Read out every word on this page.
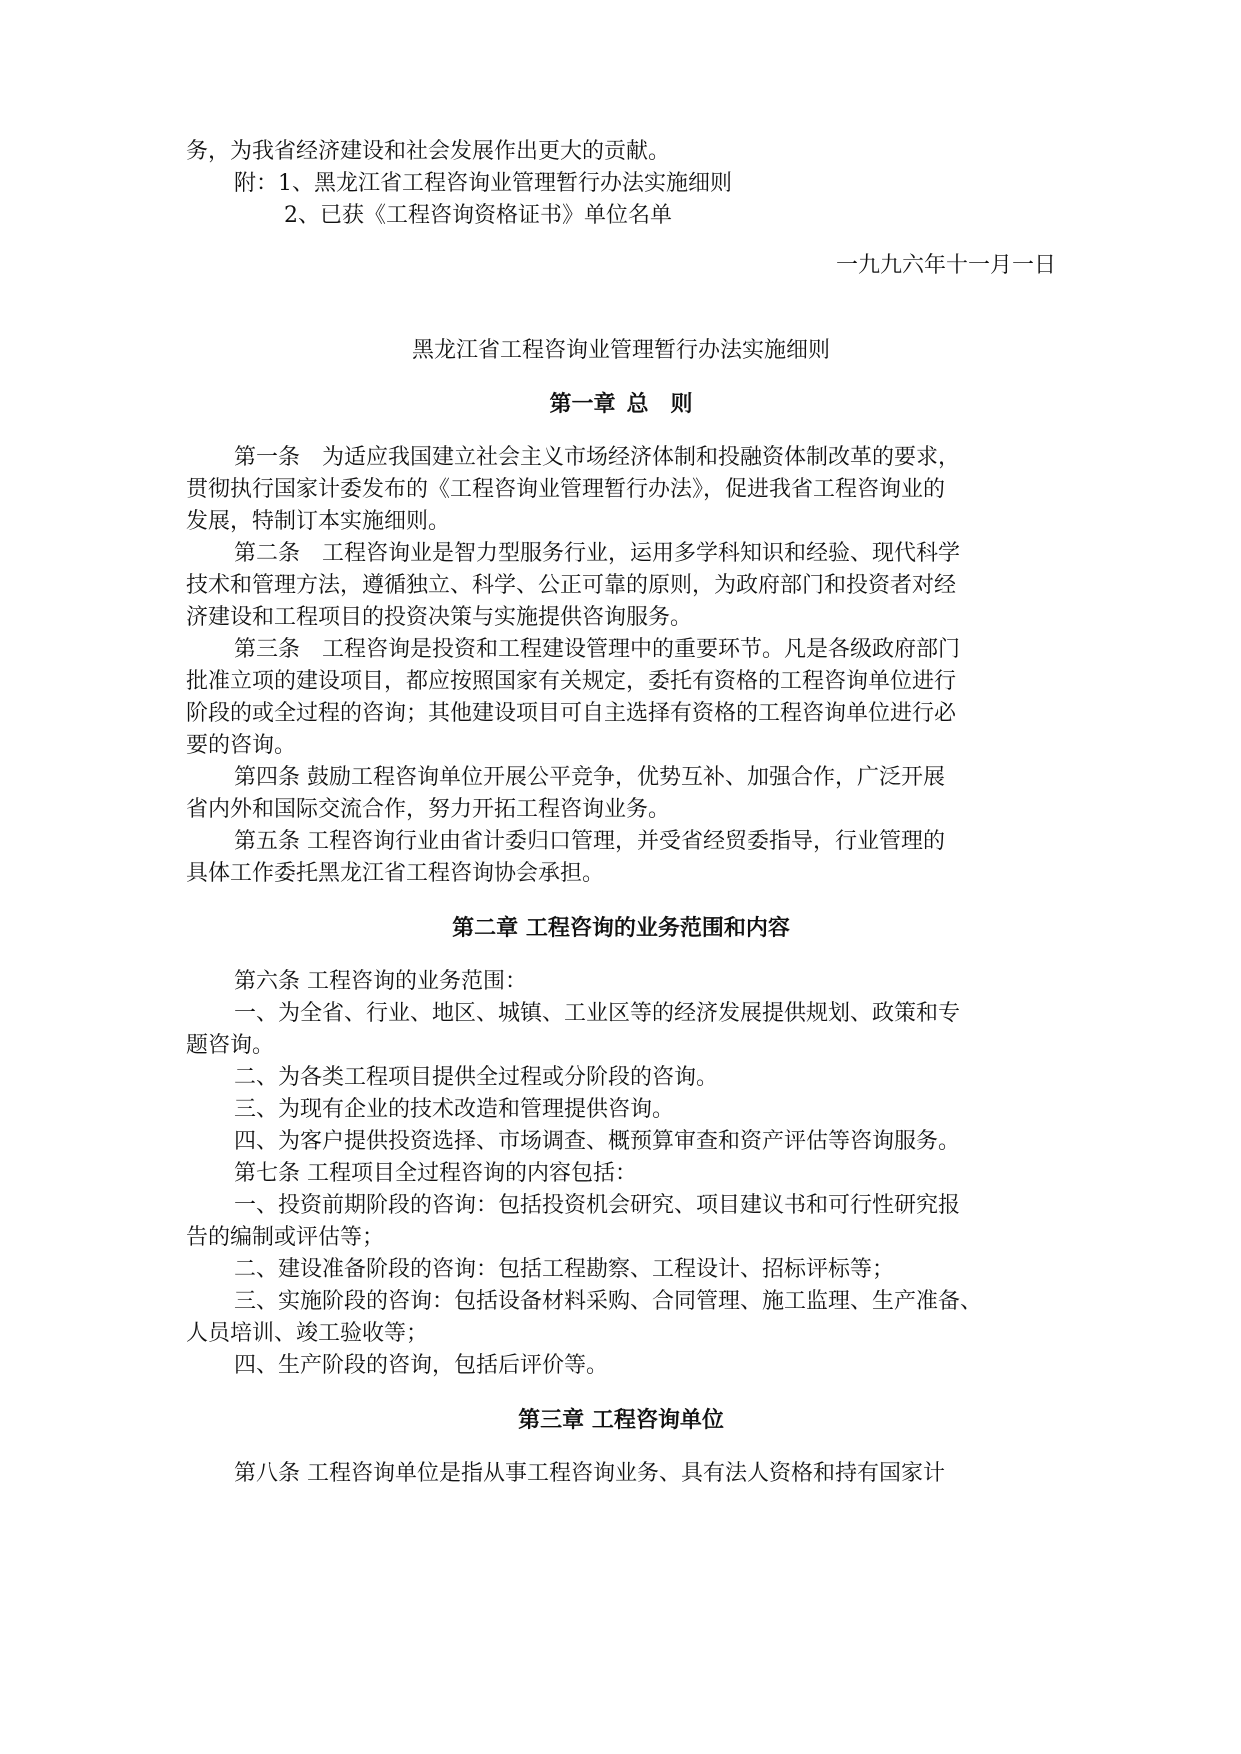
务，为我省经济建设和社会发展作出更大的贡献。
附：1、黑龙江省工程咨询业管理暂行办法实施细则
2、已获《工程咨询资格证书》单位名单
一九九六年十一月一日
黑龙江省工程咨询业管理暂行办法实施细则
第一章 总 则
第一条 为适应我国建立社会主义市场经济体制和投融资体制改革的要求，
贯彻执行国家计委发布的《工程咨询业管理暂行办法》，促进我省工程咨询业的
发展，特制订本实施细则。
第二条 工程咨询业是智力型服务行业，运用多学科知识和经验、现代科学
技术和管理方法，遵循独立、科学、公正可靠的原则，为政府部门和投资者对经
济建设和工程项目的投资决策与实施提供咨询服务。
第三条 工程咨询是投资和工程建设管理中的重要环节。凡是各级政府部门
批准立项的建设项目，都应按照国家有关规定，委托有资格的工程咨询单位进行
阶段的或全过程的咨询；其他建设项目可自主选择有资格的工程咨询单位进行必
要的咨询。
第四条 鼓励工程咨询单位开展公平竞争，优势互补、加强合作，广泛开展
省内外和国际交流合作，努力开拓工程咨询业务。
第五条 工程咨询行业由省计委归口管理，并受省经贸委指导，行业管理的
具体工作委托黑龙江省工程咨询协会承担。
第二章 工程咨询的业务范围和内容
第六条 工程咨询的业务范围：
一、为全省、行业、地区、城镇、工业区等的经济发展提供规划、政策和专
题咨询。
二、为各类工程项目提供全过程或分阶段的咨询。
三、为现有企业的技术改造和管理提供咨询。
四、为客户提供投资选择、市场调查、概预算审查和资产评估等咨询服务。
第七条 工程项目全过程咨询的内容包括：
一、投资前期阶段的咨询：包括投资机会研究、项目建议书和可行性研究报
告的编制或评估等；
二、建设准备阶段的咨询：包括工程勘察、工程设计、招标评标等；
三、实施阶段的咨询：包括设备材料采购、合同管理、施工监理、生产准备、
人员培训、竣工验收等；
四、生产阶段的咨询，包括后评价等。
第三章 工程咨询单位
第八条 工程咨询单位是指从事工程咨询业务、具有法人资格和持有国家计
